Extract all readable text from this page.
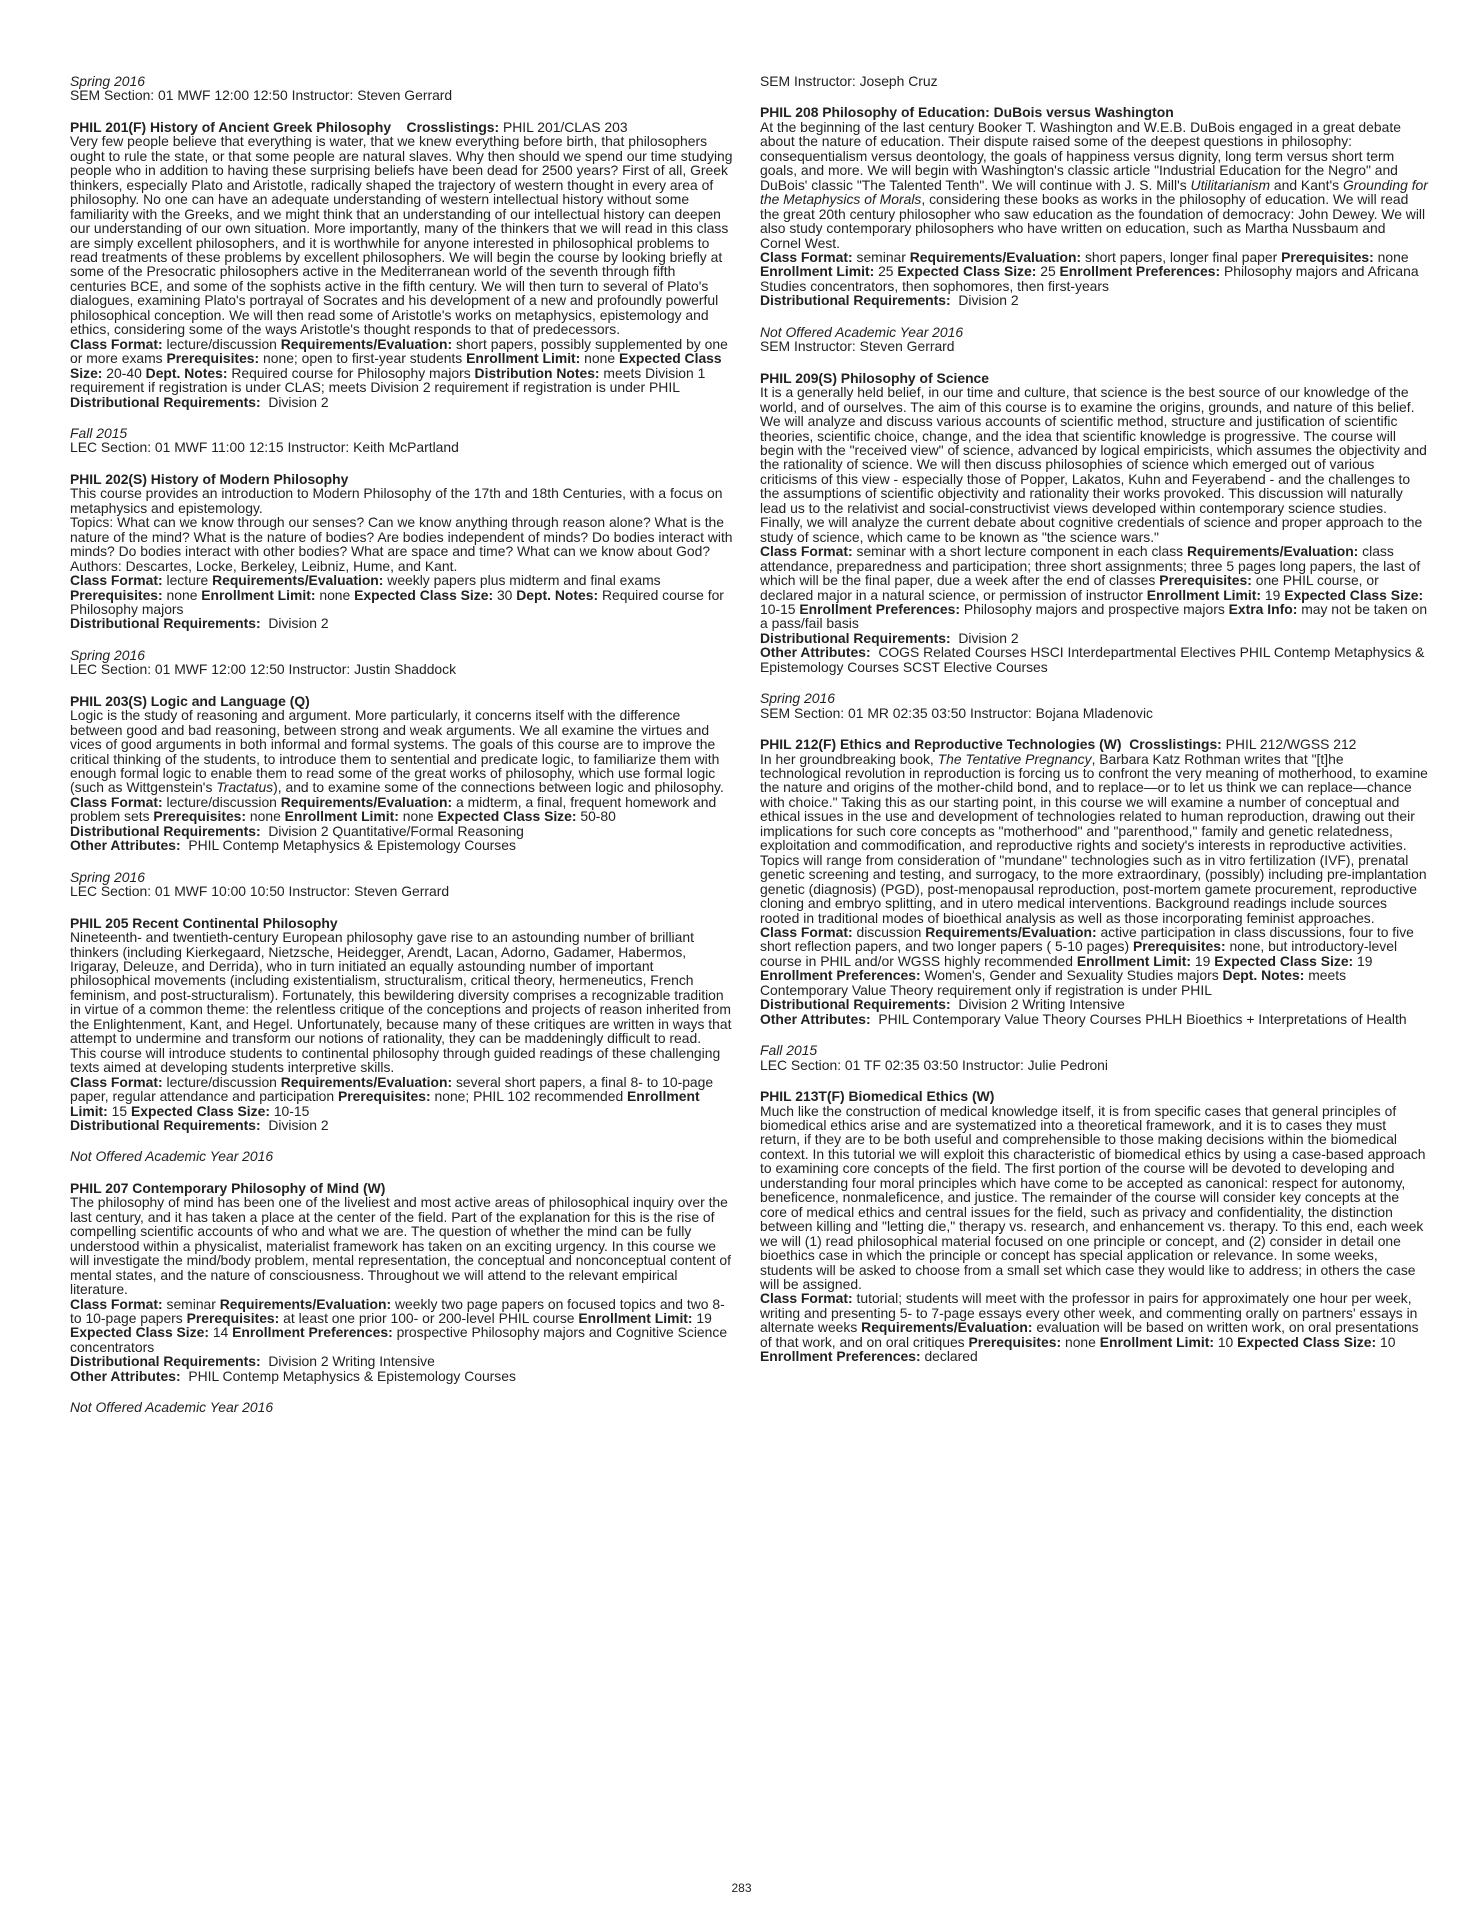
Spring 2016
SEM Section: 01 MWF 12:00 12:50 Instructor: Steven Gerrard
PHIL 201(F) History of Ancient Greek Philosophy Crosslistings: PHIL 201/CLAS 203

Very few people believe that everything is water, that we knew everything before birth, that philosophers ought to rule the state, or that some people are natural slaves. Why then should we spend our time studying people who in addition to having these surprising beliefs have been dead for 2500 years? First of all, Greek thinkers, especially Plato and Aristotle, radically shaped the trajectory of western thought in every area of philosophy. No one can have an adequate understanding of western intellectual history without some familiarity with the Greeks, and we might think that an understanding of our intellectual history can deepen our understanding of our own situation. More importantly, many of the thinkers that we will read in this class are simply excellent philosophers, and it is worthwhile for anyone interested in philosophical problems to read treatments of these problems by excellent philosophers. We will begin the course by looking briefly at some of the Presocratic philosophers active in the Mediterranean world of the seventh through fifth centuries BCE, and some of the sophists active in the fifth century. We will then turn to several of Plato's dialogues, examining Plato's portrayal of Socrates and his development of a new and profoundly powerful philosophical conception. We will then read some of Aristotle's works on metaphysics, epistemology and ethics, considering some of the ways Aristotle's thought responds to that of predecessors.

Class Format: lecture/discussion Requirements/Evaluation: short papers, possibly supplemented by one or more exams Prerequisites: none; open to first-year students Enrollment Limit: none Expected Class Size: 20-40 Dept. Notes: Required course for Philosophy majors Distribution Notes: meets Division 1 requirement if registration is under CLAS; meets Division 2 requirement if registration is under PHIL
Distributional Requirements: Division 2
Fall 2015
LEC Section: 01 MWF 11:00 12:15 Instructor: Keith McPartland
PHIL 202(S) History of Modern Philosophy

This course provides an introduction to Modern Philosophy of the 17th and 18th Centuries, with a focus on metaphysics and epistemology.

Topics: What can we know through our senses? Can we know anything through reason alone? What is the nature of the mind? What is the nature of bodies? Are bodies independent of minds? Do bodies interact with minds? Do bodies interact with other bodies? What are space and time? What can we know about God? Authors: Descartes, Locke, Berkeley, Leibniz, Hume, and Kant.

Class Format: lecture Requirements/Evaluation: weekly papers plus midterm and final exams Prerequisites: none Enrollment Limit: none Expected Class Size: 30 Dept. Notes: Required course for Philosophy majors
Distributional Requirements: Division 2
Spring 2016
LEC Section: 01 MWF 12:00 12:50 Instructor: Justin Shaddock
PHIL 203(S) Logic and Language (Q)

Logic is the study of reasoning and argument. More particularly, it concerns itself with the difference between good and bad reasoning, between strong and weak arguments. We all examine the virtues and vices of good arguments in both informal and formal systems. The goals of this course are to improve the critical thinking of the students, to introduce them to sentential and predicate logic, to familiarize them with enough formal logic to enable them to read some of the great works of philosophy, which use formal logic (such as Wittgenstein's Tractatus), and to examine some of the connections between logic and philosophy.

Class Format: lecture/discussion Requirements/Evaluation: a midterm, a final, frequent homework and problem sets Prerequisites: none Enrollment Limit: none Expected Class Size: 50-80
Distributional Requirements: Division 2 Quantitative/Formal Reasoning
Other Attributes: PHIL Contemp Metaphysics & Epistemology Courses
Spring 2016
LEC Section: 01 MWF 10:00 10:50 Instructor: Steven Gerrard
PHIL 205 Recent Continental Philosophy

Nineteenth- and twentieth-century European philosophy gave rise to an astounding number of brilliant thinkers (including Kierkegaard, Nietzsche, Heidegger, Arendt, Lacan, Adorno, Gadamer, Habermos, Irigaray, Deleuze, and Derrida), who in turn initiated an equally astounding number of important philosophical movements (including existentialism, structuralism, critical theory, hermeneutics, French feminism, and post-structuralism). Fortunately, this bewildering diversity comprises a recognizable tradition in virtue of a common theme: the relentless critique of the conceptions and projects of reason inherited from the Enlightenment, Kant, and Hegel. Unfortunately, because many of these critiques are written in ways that attempt to undermine and transform our notions of rationality, they can be maddeningly difficult to read.

This course will introduce students to continental philosophy through guided readings of these challenging texts aimed at developing students interpretive skills.

Class Format: lecture/discussion Requirements/Evaluation: several short papers, a final 8- to 10-page paper, regular attendance and participation Prerequisites: none; PHIL 102 recommended Enrollment Limit: 15 Expected Class Size: 10-15
Distributional Requirements: Division 2
Not Offered Academic Year 2016
PHIL 207 Contemporary Philosophy of Mind (W)

The philosophy of mind has been one of the liveliest and most active areas of philosophical inquiry over the last century, and it has taken a place at the center of the field. Part of the explanation for this is the rise of compelling scientific accounts of who and what we are. The question of whether the mind can be fully understood within a physicalist, materialist framework has taken on an exciting urgency. In this course we will investigate the mind/body problem, mental representation, the conceptual and nonconceptual content of mental states, and the nature of consciousness. Throughout we will attend to the relevant empirical literature.

Class Format: seminar Requirements/Evaluation: weekly two page papers on focused topics and two 8- to 10-page papers Prerequisites: at least one prior 100- or 200-level PHIL course Enrollment Limit: 19 Expected Class Size: 14 Enrollment Preferences: prospective Philosophy majors and Cognitive Science concentrators
Distributional Requirements: Division 2 Writing Intensive
Other Attributes: PHIL Contemp Metaphysics & Epistemology Courses
Not Offered Academic Year 2016
SEM Instructor: Joseph Cruz
PHIL 208 Philosophy of Education: DuBois versus Washington

At the beginning of the last century Booker T. Washington and W.E.B. DuBois engaged in a great debate about the nature of education. Their dispute raised some of the deepest questions in philosophy: consequentialism versus deontology, the goals of happiness versus dignity, long term versus short term goals, and more. We will begin with Washington's classic article "Industrial Education for the Negro" and DuBois' classic "The Talented Tenth". We will continue with J. S. Mill's Utilitarianism and Kant's Grounding for the Metaphysics of Morals, considering these books as works in the philosophy of education. We will read the great 20th century philosopher who saw education as the foundation of democracy: John Dewey. We will also study contemporary philosophers who have written on education, such as Martha Nussbaum and Cornel West.

Class Format: seminar Requirements/Evaluation: short papers, longer final paper Prerequisites: none Enrollment Limit: 25 Expected Class Size: 25 Enrollment Preferences: Philosophy majors and Africana Studies concentrators, then sophomores, then first-years
Distributional Requirements: Division 2
Not Offered Academic Year 2016
SEM Instructor: Steven Gerrard
PHIL 209(S) Philosophy of Science

It is a generally held belief, in our time and culture, that science is the best source of our knowledge of the world, and of ourselves. The aim of this course is to examine the origins, grounds, and nature of this belief. We will analyze and discuss various accounts of scientific method, structure and justification of scientific theories, scientific choice, change, and the idea that scientific knowledge is progressive. The course will begin with the "received view" of science, advanced by logical empiricists, which assumes the objectivity and the rationality of science. We will then discuss philosophies of science which emerged out of various criticisms of this view - especially those of Popper, Lakatos, Kuhn and Feyerabend - and the challenges to the assumptions of scientific objectivity and rationality their works provoked. This discussion will naturally lead us to the relativist and social-constructivist views developed within contemporary science studies. Finally, we will analyze the current debate about cognitive credentials of science and proper approach to the study of science, which came to be known as "the science wars."

Class Format: seminar with a short lecture component in each class Requirements/Evaluation: class attendance, preparedness and participation; three short assignments; three 5 pages long papers, the last of which will be the final paper, due a week after the end of classes Prerequisites: one PHIL course, or declared major in a natural science, or permission of instructor Enrollment Limit: 19 Expected Class Size: 10-15 Enrollment Preferences: Philosophy majors and prospective majors Extra Info: may not be taken on a pass/fail basis
Distributional Requirements: Division 2
Other Attributes: COGS Related Courses HSCI Interdepartmental Electives PHIL Contemp Metaphysics & Epistemology Courses SCST Elective Courses
Spring 2016
SEM Section: 01 MR 02:35 03:50 Instructor: Bojana Mladenovic
PHIL 212(F) Ethics and Reproductive Technologies (W) Crosslistings: PHIL 212/WGSS 212

In her groundbreaking book, The Tentative Pregnancy, Barbara Katz Rothman writes that "[t]he technological revolution in reproduction is forcing us to confront the very meaning of motherhood, to examine the nature and origins of the mother-child bond, and to replace—or to let us think we can replace—chance with choice." Taking this as our starting point, in this course we will examine a number of conceptual and ethical issues in the use and development of technologies related to human reproduction, drawing out their implications for such core concepts as "motherhood" and "parenthood," family and genetic relatedness, exploitation and commodification, and reproductive rights and society's interests in reproductive activities. Topics will range from consideration of "mundane" technologies such as in vitro fertilization (IVF), prenatal genetic screening and testing, and surrogacy, to the more extraordinary, (possibly) including pre-implantation genetic (diagnosis) (PGD), post-menopausal reproduction, post-mortem gamete procurement, reproductive cloning and embryo splitting, and in utero medical interventions. Background readings include sources rooted in traditional modes of bioethical analysis as well as those incorporating feminist approaches.

Class Format: discussion Requirements/Evaluation: active participation in class discussions, four to five short reflection papers, and two longer papers ( 5-10 pages) Prerequisites: none, but introductory-level course in PHIL and/or WGSS highly recommended Enrollment Limit: 19 Expected Class Size: 19 Enrollment Preferences: Women's, Gender and Sexuality Studies majors Dept. Notes: meets Contemporary Value Theory requirement only if registration is under PHIL
Distributional Requirements: Division 2 Writing Intensive
Other Attributes: PHIL Contemporary Value Theory Courses PHLH Bioethics + Interpretations of Health
Fall 2015
LEC Section: 01 TF 02:35 03:50 Instructor: Julie Pedroni
PHIL 213T(F) Biomedical Ethics (W)

Much like the construction of medical knowledge itself, it is from specific cases that general principles of biomedical ethics arise and are systematized into a theoretical framework, and it is to cases they must return, if they are to be both useful and comprehensible to those making decisions within the biomedical context. In this tutorial we will exploit this characteristic of biomedical ethics by using a case-based approach to examining core concepts of the field. The first portion of the course will be devoted to developing and understanding four moral principles which have come to be accepted as canonical: respect for autonomy, beneficence, nonmaleficence, and justice. The remainder of the course will consider key concepts at the core of medical ethics and central issues for the field, such as privacy and confidentiality, the distinction between killing and "letting die," therapy vs. research, and enhancement vs. therapy. To this end, each week we will (1) read philosophical material focused on one principle or concept, and (2) consider in detail one bioethics case in which the principle or concept has special application or relevance. In some weeks, students will be asked to choose from a small set which case they would like to address; in others the case will be assigned.

Class Format: tutorial; students will meet with the professor in pairs for approximately one hour per week, writing and presenting 5- to 7-page essays every other week, and commenting orally on partners' essays in alternate weeks Requirements/Evaluation: evaluation will be based on written work, on oral presentations of that work, and on oral critiques Prerequisites: none Enrollment Limit: 10 Expected Class Size: 10 Enrollment Preferences: declared
283
